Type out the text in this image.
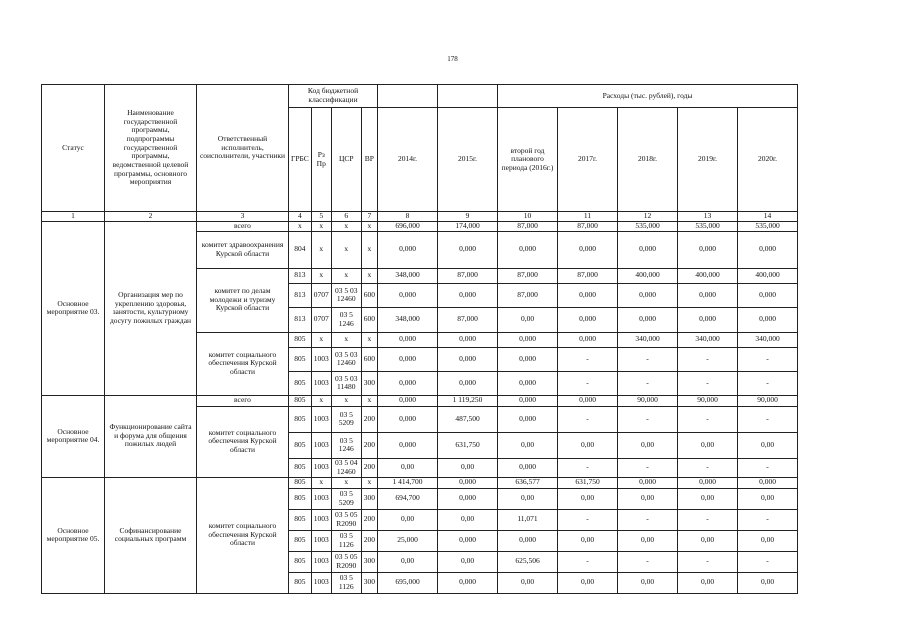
178
Статус	Наименование государственной программы, подпрограммы государственной программы, ведомственной целевой программы, основного мероприятия	Ответственный исполнитель, соисполнители, участники	Код бюджетной классификации						Расходы (тыс. рублей), годы				
			ГРБС	Рз Пр	ЦСР	ВР	2014г.	2015г.	второй год планового периода (2016г.)	2017г.	2018г.	2019г.	2020г.
1	2	3	4	5	6	7	8	9	10	11	12	13	14
Основное мероприятие 03.	Организация мер по укреплению здоровья, занятости, культурному досугу пожилых граждан	всего	x	x	x	x	696,000	174,000	87,000	87,000	535,000	535,000	535,000
		комитет здравоохранения Курской области	804	x	x	x	0,000	0,000	0,000	0,000	0,000	0,000	0,000
		комитет по делам молодежи и туризму Курской области	813	x	x	x	348,000	87,000	87,000	87,000	400,000	400,000	400,000
			813	0707	03 5 03 12460	600	0,000	0,000	87,000	0,000	0,000	0,000	0,000
			813	0707	03 5 1246	600	348,000	87,000	0,00	0,000	0,000	0,000	0,000
		комитет социального обеспечения Курской области	805	x	x	x	0,000	0,000	0,000	0,000	340,000	340,000	340,000
			805	1003	03 5 03 12460	600	0,000	0,000	0,000	-	-	-	-
			805	1003	03 5 03 11480	300	0,000	0,000	0,000	-	-	-	-
Основное мероприятие 04.	Функционирование сайта и форума для общения пожилых людей	всего	805	x	x	x	0,000	1 119,250	0,000	0,000	90,000	90,000	90,000
		комитет социального обеспечения Курской области	805	1003	03 5 5209	200	0,000	487,500	0,000	-	-	-	-
			805	1003	03 5 1246	200	0,000	631,750	0,00	0,00	0,00	0,00	0,00
			805	1003	03 5 04 12460	200	0,00	0,00	0,000	-	-	-	-
Основное мероприятие 05.	Софинансирование социальных программ	комитет социального обеспечения Курской области	805	x	x	x	1 414,700	0,000	636,577	631,750	0,000	0,000	0,000
			805	1003	03 5 5209	300	694,700	0,000	0,00	0,00	0,00	0,00	0,00
			805	1003	03 5 05 R2090	200	0,00	0,00	11,071	-	-	-	-
			805	1003	03 5 1126	200	25,000	0,000	0,000	0,00	0,00	0,00	0,00
			805	1003	03 5 05 R2090	300	0,00	0,00	625,506	-	-	-	-
			805	1003	03 5 1126	300	695,000	0,000	0,00	0,00	0,00	0,00	0,00
